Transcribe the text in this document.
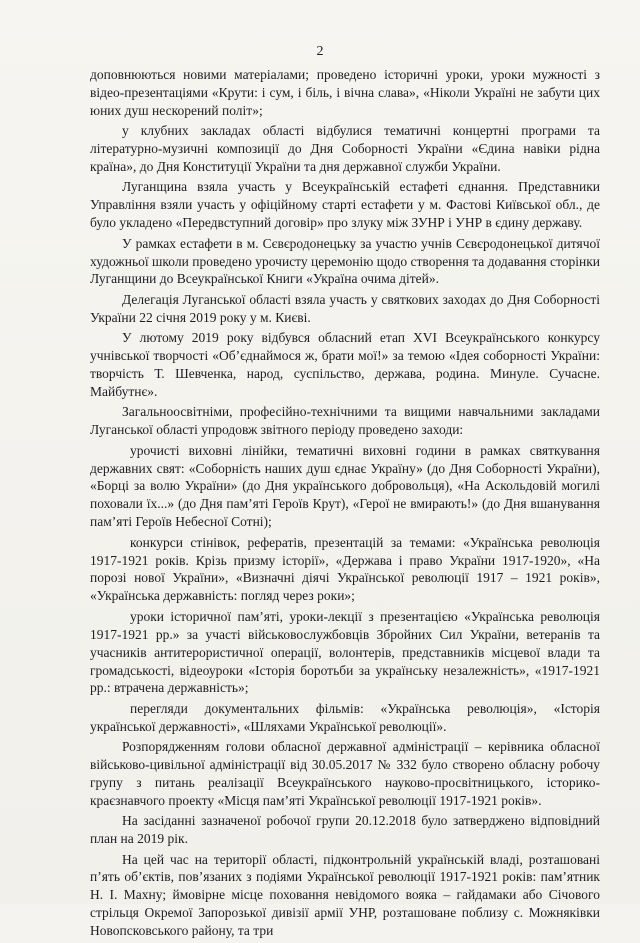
2

доповнюються новими матеріалами; проведено історичні уроки, уроки мужності з відео-презентаціями «Крути: і сум, і біль, і вічна слава», «Ніколи Україні не забути цих юних душ нескорений політ»;

у клубних закладах області відбулися тематичні концертні програми та літературно-музичні композиції до Дня Соборності України «Єдина навіки рідна країна», до Дня Конституції України та дня державної служби України.

Луганщина взяла участь у Всеукраїнській естафеті єднання. Представники Управління взяли участь у офіційному старті естафети у м. Фастові Київської обл., де було укладено «Передвступний договір» про злуку між ЗУНР і УНР в єдину державу.

У рамках естафети в м. Сєвєродонецьку за участю учнів Сєвєродонецької дитячої художньої школи проведено урочисту церемонію щодо створення та додавання сторінки Луганщини до Всеукраїнської Книги «Україна очима дітей».

Делегація Луганської області взяла участь у святкових заходах до Дня Соборності України 22 січня 2019 року у м. Києві.

У лютому 2019 року відбувся обласний етап XVI Всеукраїнського конкурсу учнівської творчості «Об’єднаймося ж, брати мої!» за темою «Ідея соборності України: творчість Т. Шевченка, народ, суспільство, держава, родина. Минуле. Сучасне. Майбутнє».

Загальноосвітніми, професійно-технічними та вищими навчальними закладами Луганської області упродовж звітного періоду проведено заходи:

урочисті виховні лінійки, тематичні виховні години в рамках святкування державних свят: «Соборність наших душ єднає Україну» (до Дня Соборності України), «Борці за волю України» (до Дня українського добровольця), «На Аскольдовій могилі поховали їх...» (до Дня пам’яті Героїв Крут), «Герої не вмирають!» (до Дня вшанування пам’яті Героїв Небесної Сотні);

конкурси стінівок, рефератів, презентацій за темами: «Українська революція 1917-1921 років. Крізь призму історії», «Держава і право України 1917-1920», «На порозі нової України», «Визначні діячі Української революції 1917 – 1921 років», «Українська державність: погляд через роки»;

уроки історичної пам’яті, уроки-лекції з презентацією «Українська революція 1917-1921 рр.» за участі військовослужбовців Збройних Сил України, ветеранів та учасників антитерористичної операції, волонтерів, представників місцевої влади та громадськості, відеоуроки «Історія боротьби за українську незалежність», «1917-1921 рр.: втрачена державність»;

перегляди документальних фільмів: «Українська революція», «Історія української державності», «Шляхами Української революції».

Розпорядженням голови обласної державної адміністрації – керівника обласної військово-цивільної адміністрації від 30.05.2017 № 332 було створено обласну робочу групу з питань реалізації Всеукраїнського науково-просвітницького, історико-краєзнавчого проекту «Місця пам’яті Української революції 1917-1921 років».

На засіданні зазначеної робочої групи 20.12.2018 було затверджено відповідний план на 2019 рік.

На цей час на території області, підконтрольній українській владі, розташовані п’ять об’єктів, пов’язаних з подіями Української революції 1917-1921 років: пам’ятник Н. І. Махну; ймовірне місце поховання невідомого вояка – гайдамаки або Січового стрільця Окремої Запорозької дивізії армії УНР, розташоване поблизу с. Можняківки Новопсковського району, та три
